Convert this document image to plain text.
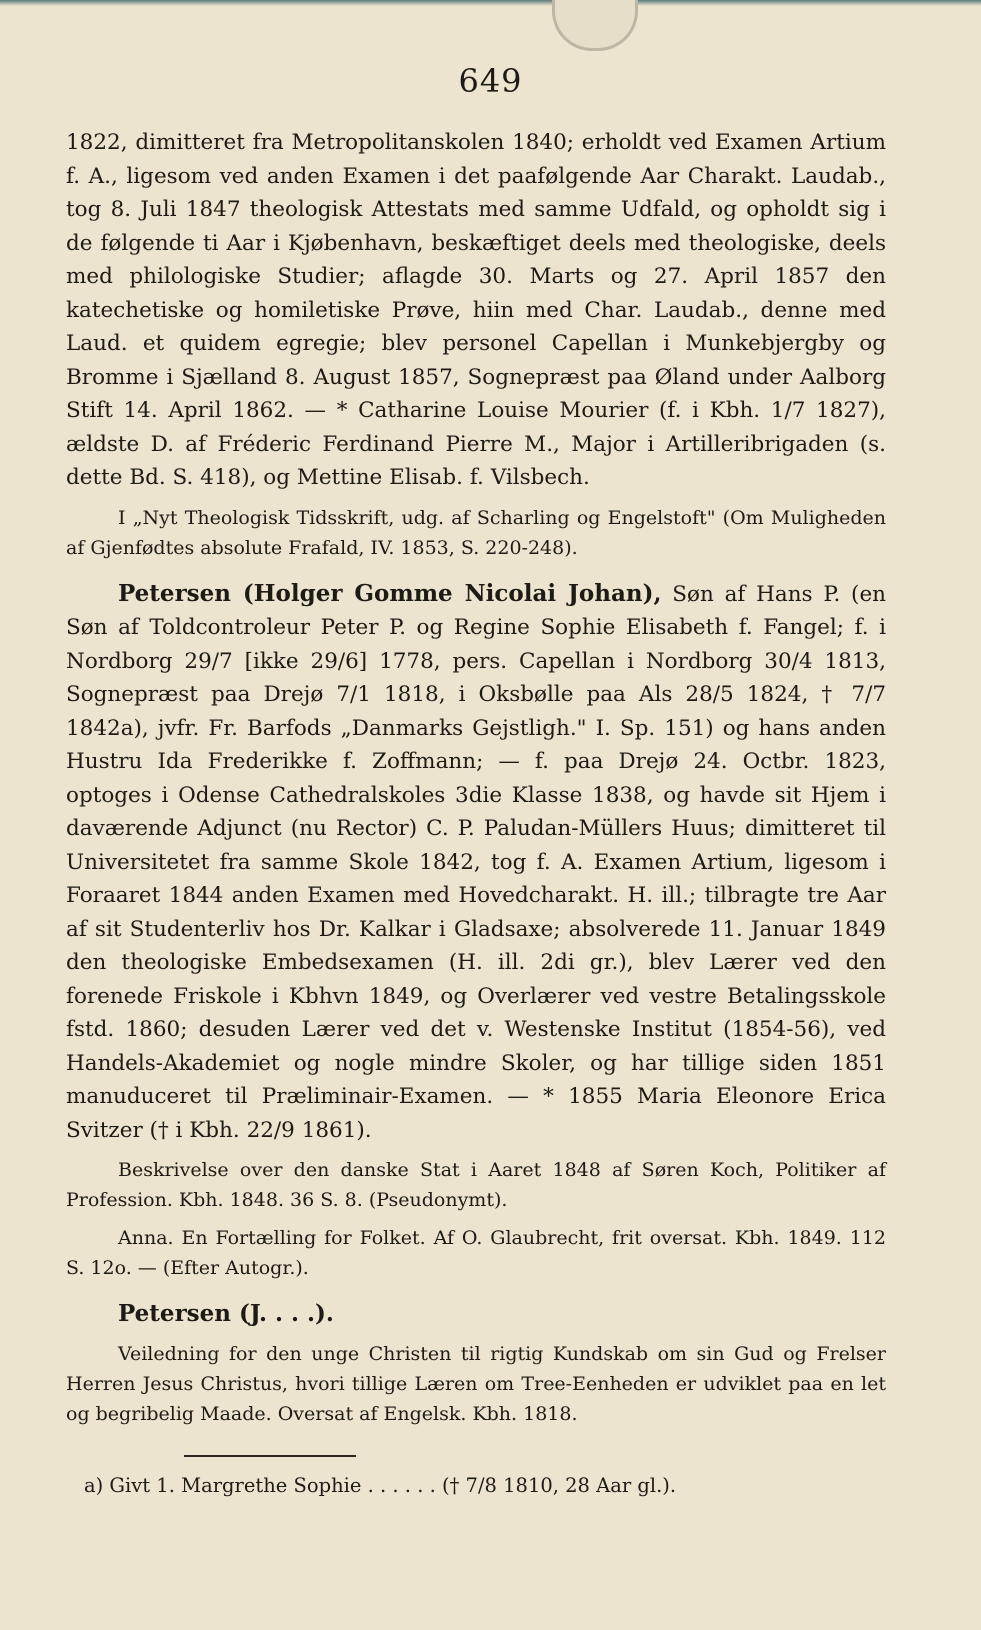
649

1822, dimitteret fra Metropolitanskolen 1840; erholdt ved Examen Artium f. A., ligesom ved anden Examen i det paafølgende Aar Charakt. Laudab., tog 8. Juli 1847 theologisk Attestats med samme Udfald, og opholdt sig i de følgende ti Aar i Kjøbenhavn, beskæftiget deels med theologiske, deels med philologiske Studier; aflagde 30. Marts og 27. April 1857 den katechetiske og homiletiske Prøve, hiin med Char. Laudab., denne med Laud. et quidem egregie; blev personel Capellan i Munkebjergby og Bromme i Sjælland 8. August 1857, Sognepræst paa Øland under Aalborg Stift 14. April 1862. — * Catharine Louise Mourier (f. i Kbh. 1/7 1827), ældste D. af Fréderic Ferdinand Pierre M., Major i Artilleribrigaden (s. dette Bd. S. 418), og Mettine Elisab. f. Vilsbech.

I „Nyt Theologisk Tidsskrift, udg. af Scharling og Engelstoft" (Om Muligheden af Gjenfødtes absolute Frafald, IV. 1853, S. 220-248).

Petersen (Holger Gomme Nicolai Johan), Søn af Hans P. (en Søn af Toldcontroleur Peter P. og Regine Sophie Elisabeth f. Fangel; f. i Nordborg 29/7 [ikke 29/6] 1778, pers. Capellan i Nordborg 30/4 1813, Sognepræst paa Drejø 7/1 1818, i Oksbølle paa Als 28/5 1824, † 7/7 1842a), jvfr. Fr. Barfods „Danmarks Gejstligh." I. Sp. 151) og hans anden Hustru Ida Frederikke f. Zoffmann; — f. paa Drejø 24. Octbr. 1823, optoges i Odense Cathedralskoles 3die Klasse 1838, og havde sit Hjem i daværende Adjunct (nu Rector) C. P. Paludan-Müllers Huus; dimitteret til Universitetet fra samme Skole 1842, tog f. A. Examen Artium, ligesom i Foraaret 1844 anden Examen med Hovedcharakt. H. ill.; tilbragte tre Aar af sit Studenterliv hos Dr. Kalkar i Gladsaxe; absolverede 11. Januar 1849 den theologiske Embedsexamen (H. ill. 2di gr.), blev Lærer ved den forenede Friskole i Kbhvn 1849, og Overlærer ved vestre Betalingsskole fstd. 1860; desuden Lærer ved det v. Westenske Institut (1854-56), ved Handels-Akademiet og nogle mindre Skoler, og har tillige siden 1851 manuduceret til Præliminair-Examen. — * 1855 Maria Eleonore Erica Svitzer († i Kbh. 22/9 1861).

Beskrivelse over den danske Stat i Aaret 1848 af Søren Koch, Politiker af Profession. Kbh. 1848. 36 S. 8. (Pseudonymt).

Anna. En Fortælling for Folket. Af O. Glaubrecht, frit oversat. Kbh. 1849. 112 S. 12o. — (Efter Autogr.).

Petersen (J. . . .).

Veiledning for den unge Christen til rigtig Kundskab om sin Gud og Frelser Herren Jesus Christus, hvori tillige Læren om Tree-Eenheden er udviklet paa en let og begribelig Maade. Oversat af Engelsk. Kbh. 1818.

a) Givt 1. Margrethe Sophie . . . . . . († 7/8 1810, 28 Aar gl.).
